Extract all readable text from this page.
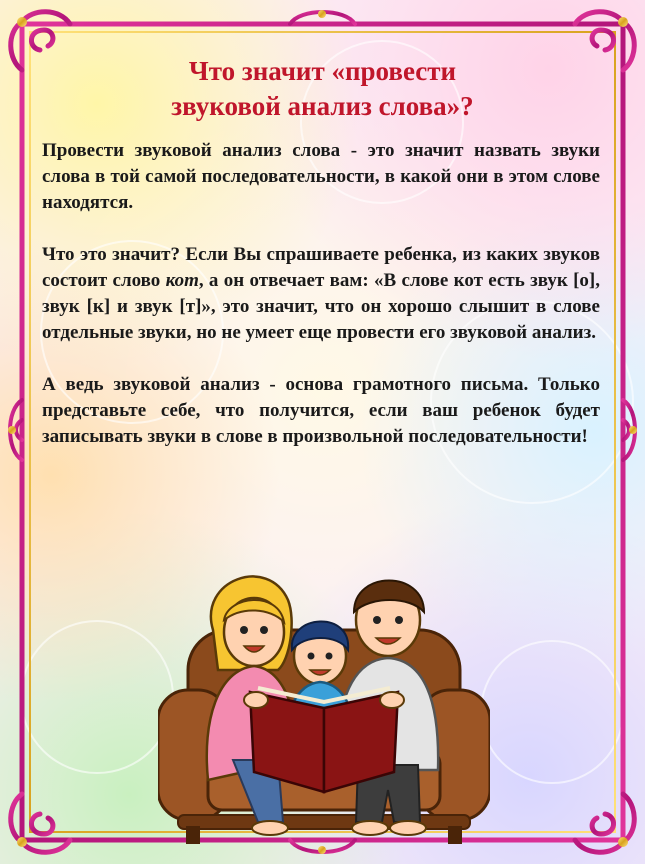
Что значит «провести
звуковой анализ слова»?

Провести звуковой анализ слова - это значит назвать звуки слова в той самой последовательности, в какой они в этом слове находятся.

Что это значит? Если Вы спрашиваете ребенка, из каких звуков состоит слово кот, а он отвечает вам: «В слове кот есть звук [о], звук [к] и звук [т]», это значит, что он хорошо слышит в слове отдельные звуки, но не умеет еще провести его звуковой анализ.

А ведь звуковой анализ - основа грамотного письма. Только представьте себе, что получится, если ваш ребенок будет записывать звуки в слове в произвольной последовательности!
